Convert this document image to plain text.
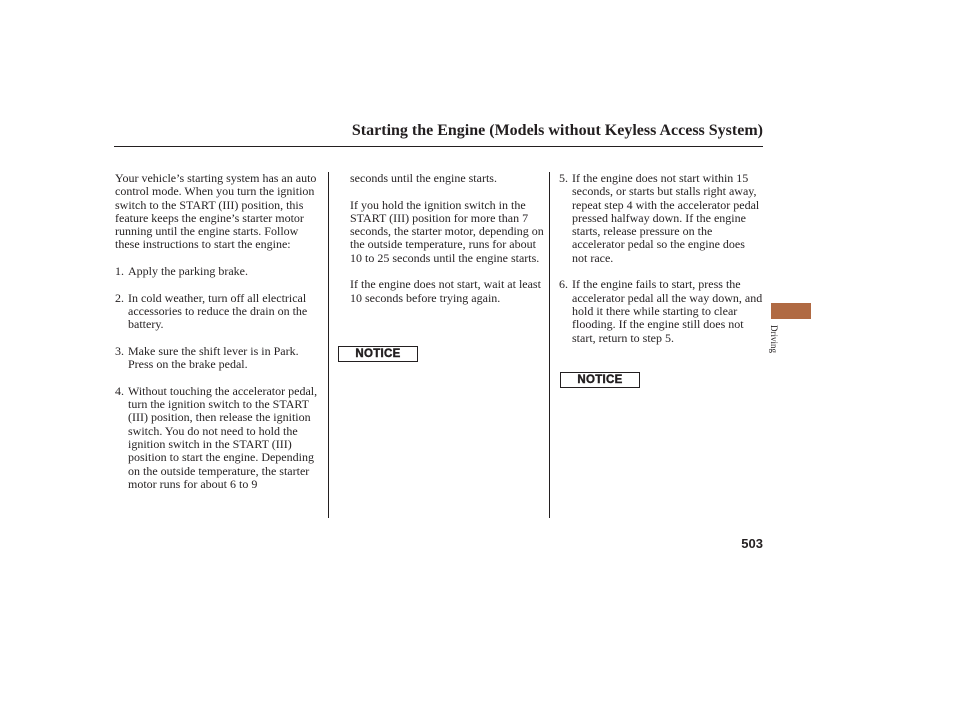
Starting the Engine (Models without Keyless Access System)

Your vehicle’s starting system has an auto control mode. When you turn the ignition switch to the START (III) position, this feature keeps the engine’s starter motor running until the engine starts. Follow these instructions to start the engine:

1. Apply the parking brake.
2. In cold weather, turn off all electrical accessories to reduce the drain on the battery.
3. Make sure the shift lever is in Park. Press on the brake pedal.
4. Without touching the accelerator pedal, turn the ignition switch to the START (III) position, then release the ignition switch. You do not need to hold the ignition switch in the START (III) position to start the engine. Depending on the outside temperature, the starter motor runs for about 6 to 9

seconds until the engine starts.

If you hold the ignition switch in the START (III) position for more than 7 seconds, the starter motor, depending on the outside temperature, runs for about 10 to 25 seconds until the engine starts.

If the engine does not start, wait at least 10 seconds before trying again.

NOTICE
5. If the engine does not start within 15 seconds, or starts but stalls right away, repeat step 4 with the accelerator pedal pressed halfway down. If the engine starts, release pressure on the accelerator pedal so the engine does not race.
6. If the engine fails to start, press the accelerator pedal all the way down, and hold it there while starting to clear flooding. If the engine still does not start, return to step 5.
NOTICE
Driving
503
